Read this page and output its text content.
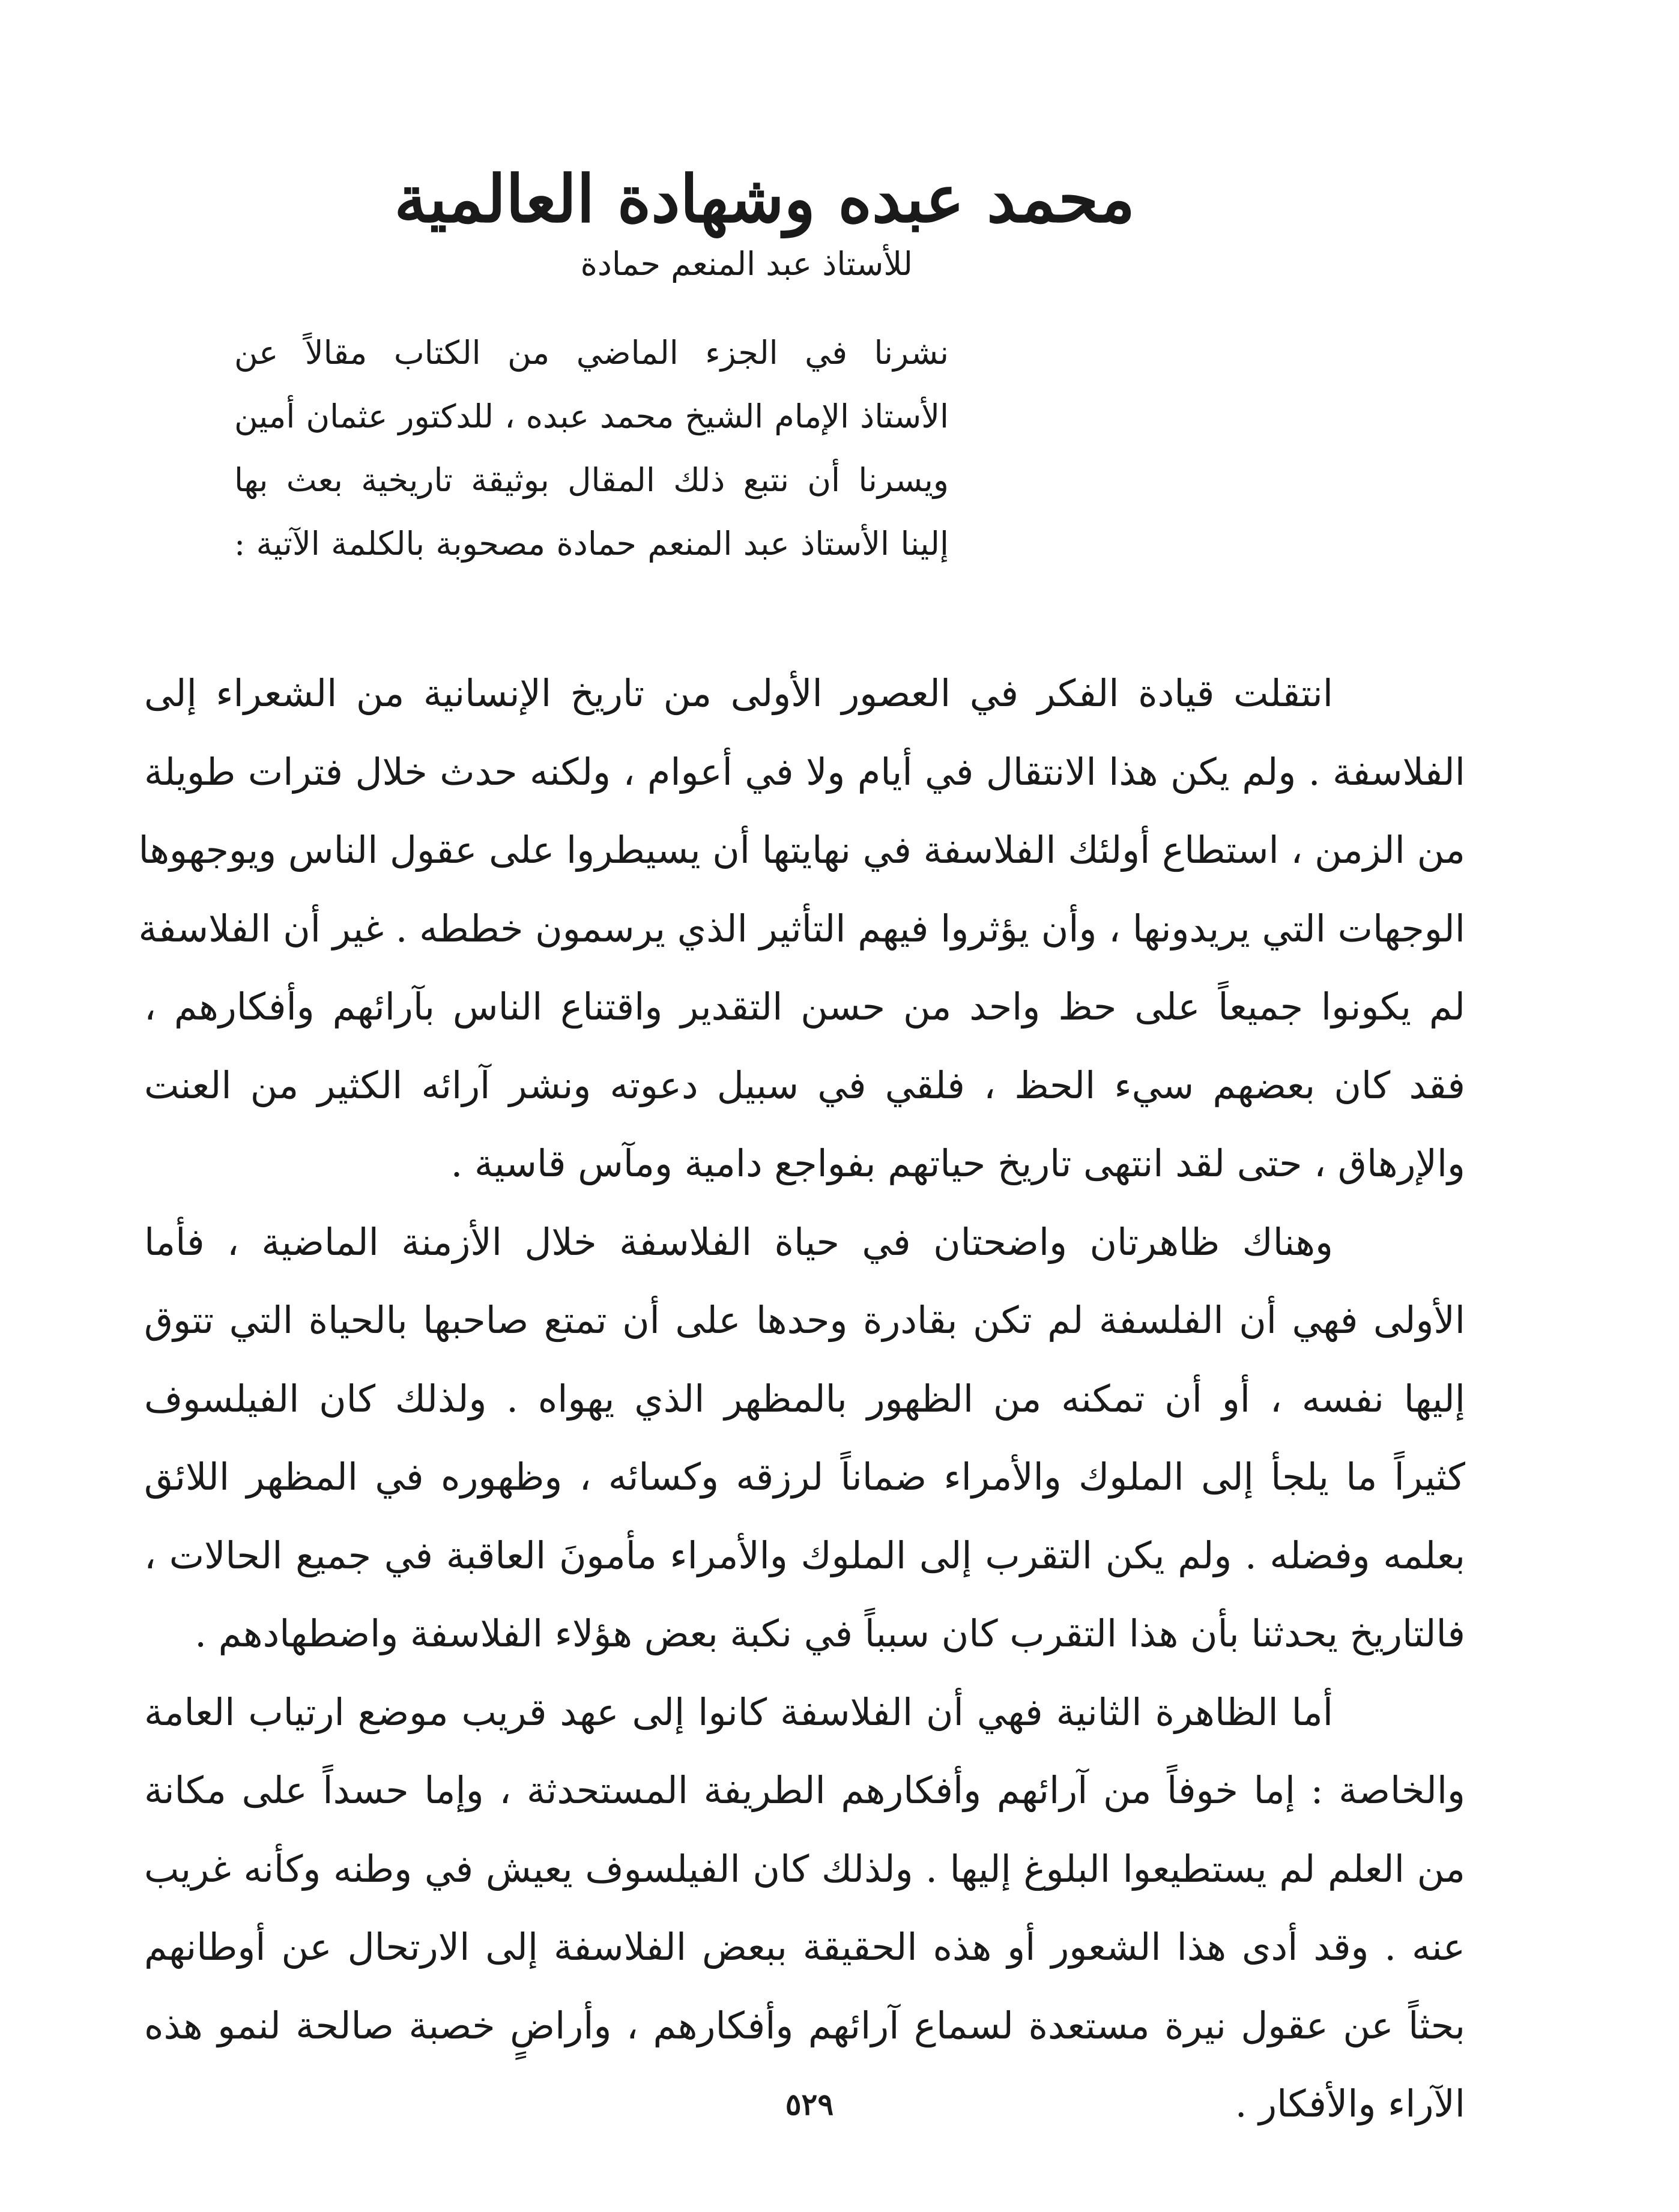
محمد عبده وشهادة العالمية
للأستاذ عبد المنعم حمادة
نشرنا في الجزء الماضي من الكتاب مقالاً عن
الأستاذ الإمام الشيخ محمد عبده ، للدكتور عثمان أمين
ويسرنا أن نتبع ذلك المقال بوثيقة تاريخية بعث بها
إلينا الأستاذ عبد المنعم حمادة مصحوبة بالكلمة الآتية :
انتقلت قيادة الفكر في العصور الأولى من تاريخ الإنسانية من الشعراء إلى
الفلاسفة . ولم يكن هذا الانتقال في أيام ولا في أعوام ، ولكنه حدث خلال فترات طويلة
من الزمن ، استطاع أولئك الفلاسفة في نهايتها أن يسيطروا على عقول الناس ويوجهوها
الوجهات التي يريدونها ، وأن يؤثروا فيهم التأثير الذي يرسمون خططه . غير أن الفلاسفة
لم يكونوا جميعاً على حظ واحد من حسن التقدير واقتناع الناس بآرائهم وأفكارهم ،
فقد كان بعضهم سيء الحظ ، فلقي في سبيل دعوته ونشر آرائه الكثير من العنت
والإرهاق ، حتى لقد انتهى تاريخ حياتهم بفواجع دامية ومآس قاسية .
وهناك ظاهرتان واضحتان في حياة الفلاسفة خلال الأزمنة الماضية ، فأما
الأولى فهي أن الفلسفة لم تكن بقادرة وحدها على أن تمتع صاحبها بالحياة التي تتوق
إليها نفسه ، أو أن تمكنه من الظهور بالمظهر الذي يهواه . ولذلك كان الفيلسوف
كثيراً ما يلجأ إلى الملوك والأمراء ضماناً لرزقه وكسائه ، وظهوره في المظهر اللائق
بعلمه وفضله . ولم يكن التقرب إلى الملوك والأمراء مأمونَ العاقبة في جميع الحالات ،
فالتاريخ يحدثنا بأن هذا التقرب كان سبباً في نكبة بعض هؤلاء الفلاسفة واضطهادهم .
أما الظاهرة الثانية فهي أن الفلاسفة كانوا إلى عهد قريب موضع ارتياب العامة
والخاصة : إما خوفاً من آرائهم وأفكارهم الطريفة المستحدثة ، وإما حسداً على مكانة
من العلم لم يستطيعوا البلوغ إليها . ولذلك كان الفيلسوف يعيش في وطنه وكأنه غريب
عنه . وقد أدى هذا الشعور أو هذه الحقيقة ببعض الفلاسفة إلى الارتحال عن أوطانهم
بحثاً عن عقول نيرة مستعدة لسماع آرائهم وأفكارهم ، وأراضٍ خصبة صالحة لنمو هذه
الآراء والأفكار .
٥٢٩
